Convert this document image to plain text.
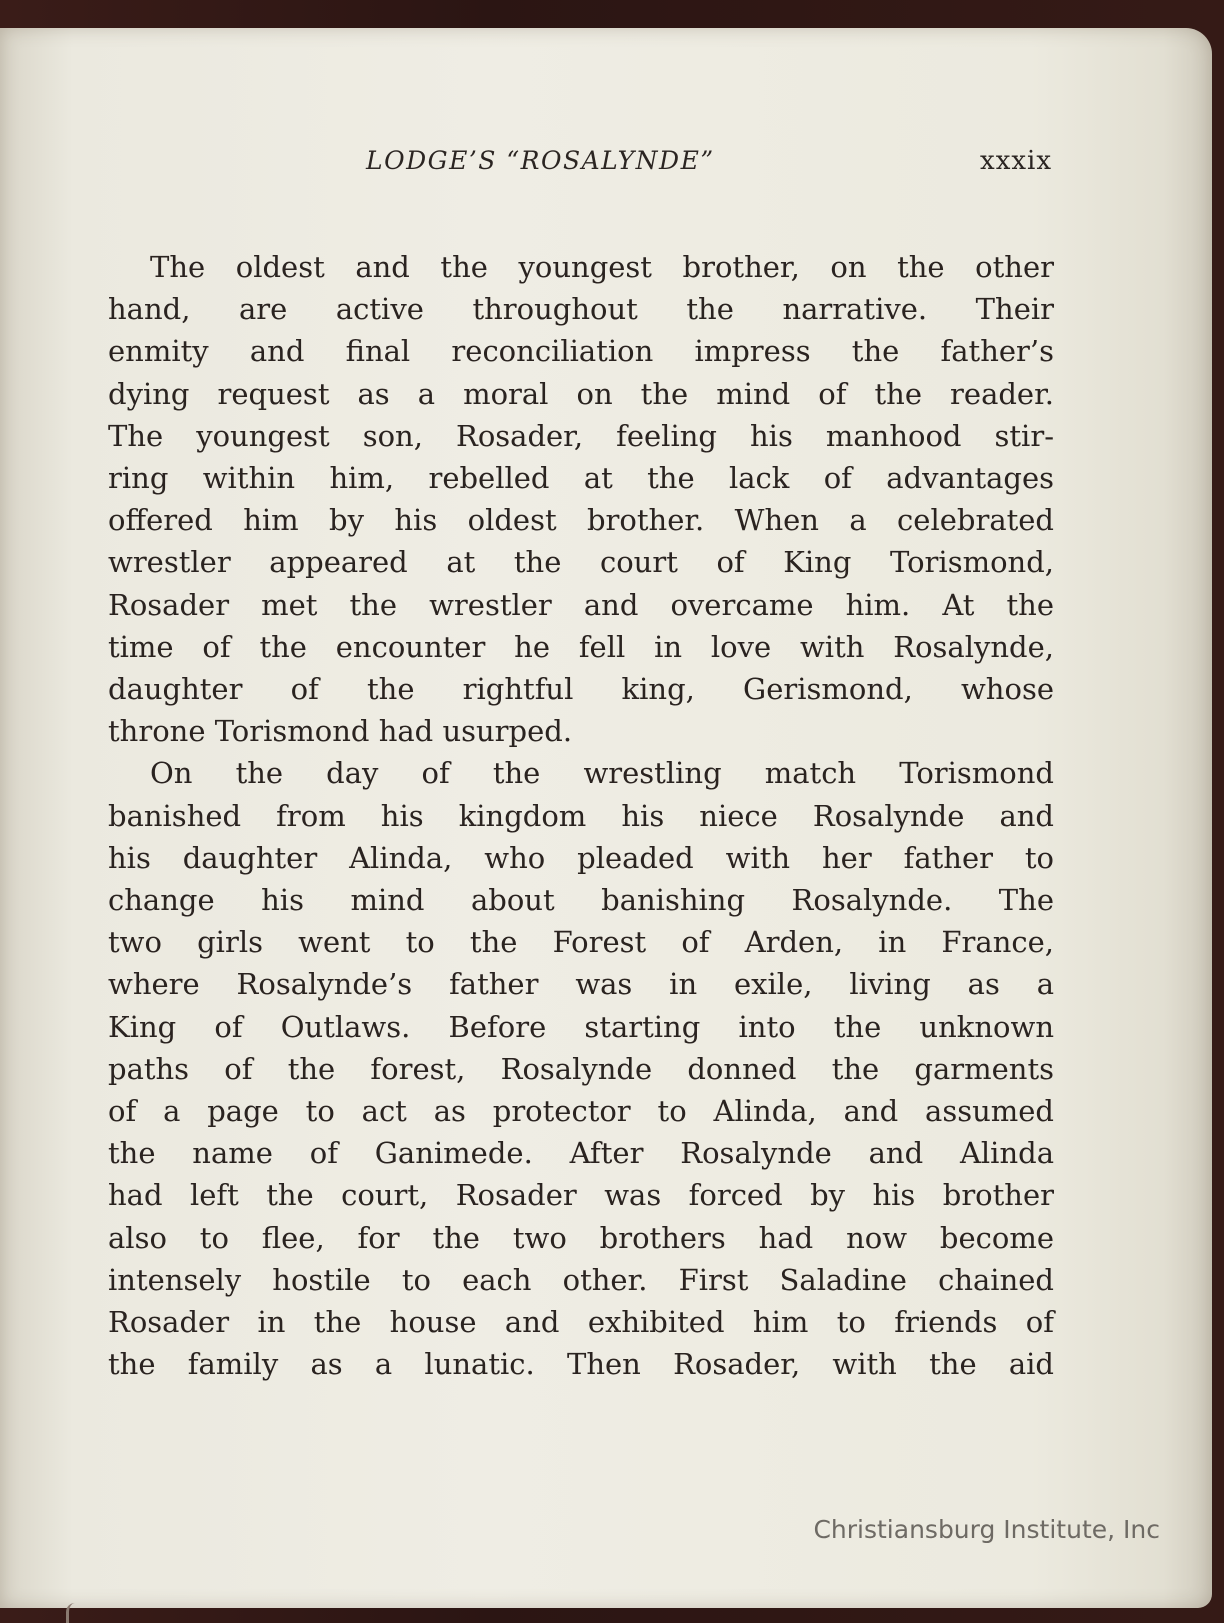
LODGE’S “ROSALYNDE”	xxxix
The oldest and the youngest brother, on the other
hand, are active throughout the narrative. Their
enmity and final reconciliation impress the father’s
dying request as a moral on the mind of the reader.
The youngest son, Rosader, feeling his manhood stir-
ring within him, rebelled at the lack of advantages
offered him by his oldest brother. When a celebrated
wrestler appeared at the court of King Torismond,
Rosader met the wrestler and overcame him. At the
time of the encounter he fell in love with Rosalynde,
daughter of the rightful king, Gerismond, whose
throne Torismond had usurped.
On the day of the wrestling match Torismond
banished from his kingdom his niece Rosalynde and
his daughter Alinda, who pleaded with her father to
change his mind about banishing Rosalynde. The
two girls went to the Forest of Arden, in France,
where Rosalynde’s father was in exile, living as a
King of Outlaws. Before starting into the unknown
paths of the forest, Rosalynde donned the garments
of a page to act as protector to Alinda, and assumed
the name of Ganimede. After Rosalynde and Alinda
had left the court, Rosader was forced by his brother
also to flee, for the two brothers had now become
intensely hostile to each other. First Saladine chained
Rosader in the house and exhibited him to friends of
the family as a lunatic. Then Rosader, with the aid
Christiansburg Institute, Inc
